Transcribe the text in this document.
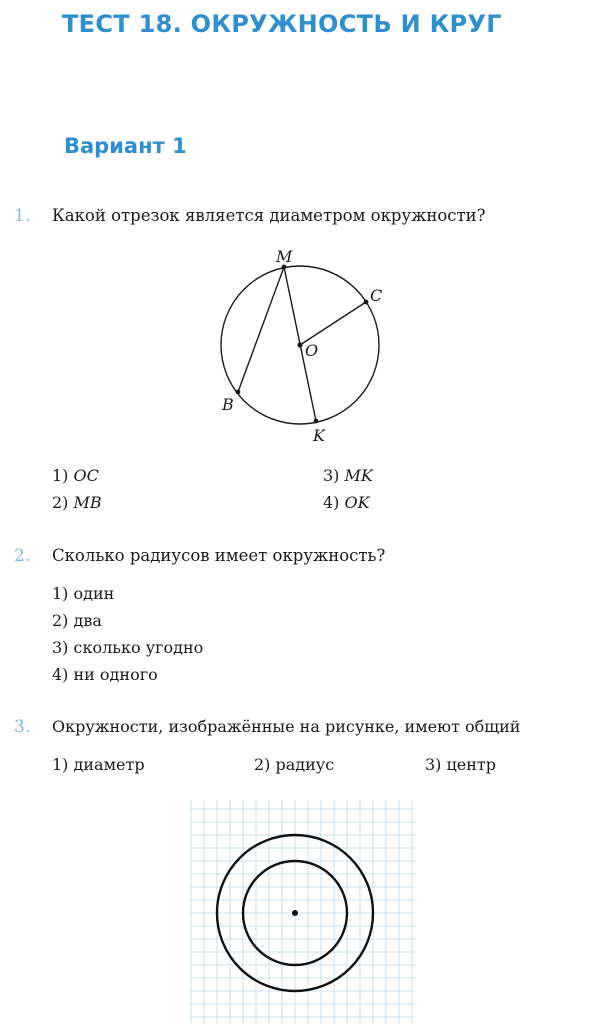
ТЕСТ 18. ОКРУЖНОСТЬ И КРУГ
Вариант 1
1. Какой отрезок является диаметром окружности?
M
C
O
B
K
1) OC
2) MB
3) MK
4) OK
2. Сколько радиусов имеет окружность?
1) один
2) два
3) сколько угодно
4) ни одного
3. Окружности, изображённые на рисунке, имеют общий
1) диаметр	2) радиус	3) центр
